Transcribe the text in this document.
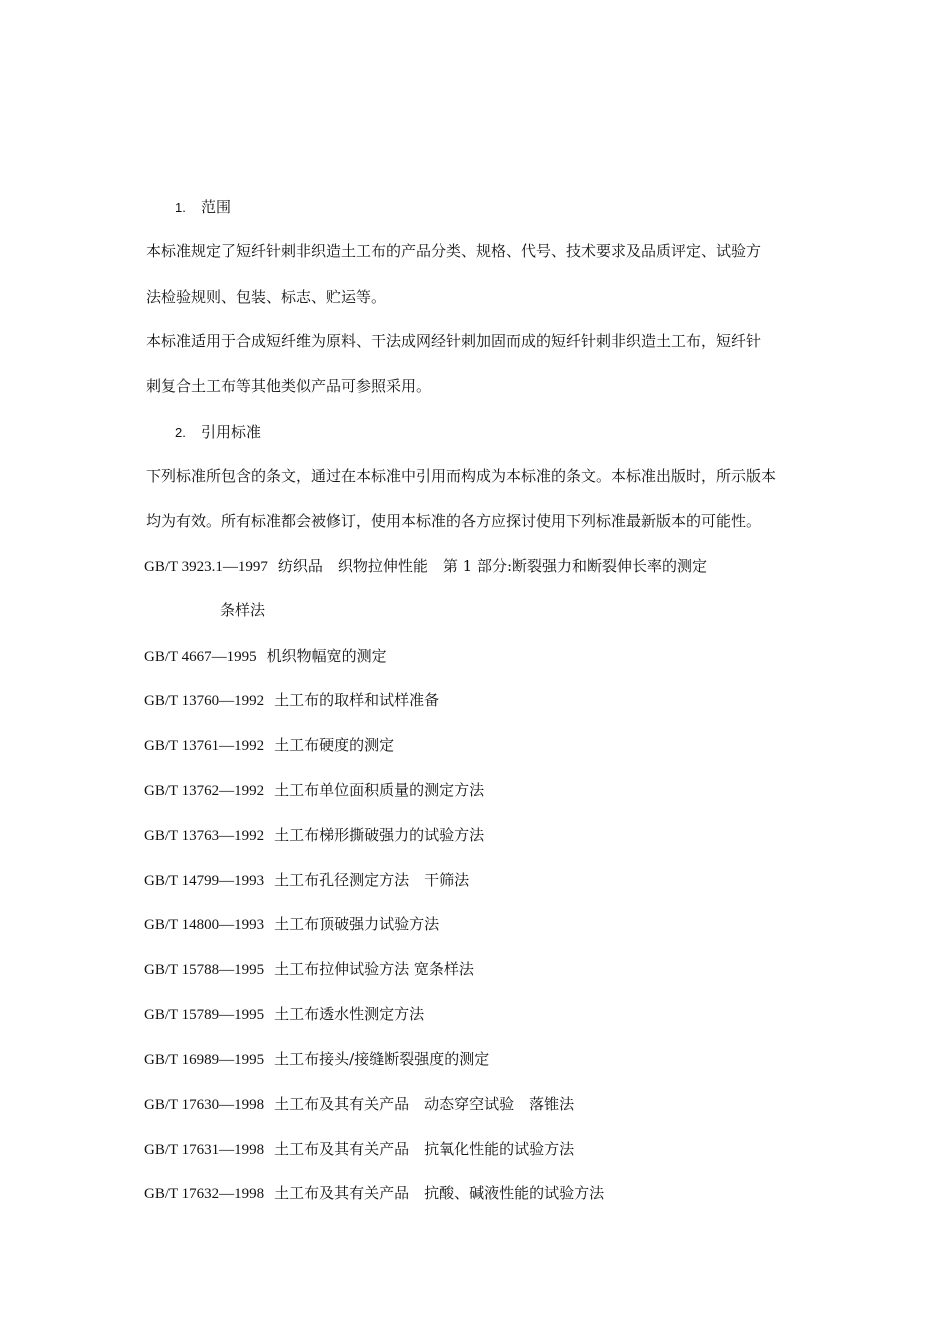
1. 范围
本标准规定了短纤针刺非织造土工布的产品分类、规格、代号、技术要求及品质评定、试验方
法检验规则、包装、标志、贮运等。
本标准适用于合成短纤维为原料、干法成网经针刺加固而成的短纤针刺非织造土工布，短纤针
刺复合土工布等其他类似产品可参照采用。
2. 引用标准
下列标准所包含的条文，通过在本标准中引用而构成为本标准的条文。本标准出版时，所示版本
均为有效。所有标准都会被修订，使用本标准的各方应探讨使用下列标准最新版本的可能性。
GB/T 3923.1—1997 纺织品　织物拉伸性能　第 1 部分:断裂强力和断裂伸长率的测定
条样法
GB/T 4667—1995 机织物幅宽的测定
GB/T 13760—1992 土工布的取样和试样准备
GB/T 13761—1992 土工布硬度的测定
GB/T 13762—1992 土工布单位面积质量的测定方法
GB/T 13763—1992 土工布梯形撕破强力的试验方法
GB/T 14799—1993 土工布孔径测定方法　干筛法
GB/T 14800—1993 土工布顶破强力试验方法
GB/T 15788—1995 土工布拉伸试验方法 宽条样法
GB/T 15789—1995 土工布透水性测定方法
GB/T 16989—1995 土工布接头/接缝断裂强度的测定
GB/T 17630—1998 土工布及其有关产品　动态穿空试验　落锥法
GB/T 17631—1998 土工布及其有关产品　抗氧化性能的试验方法
GB/T 17632—1998 土工布及其有关产品　抗酸、碱液性能的试验方法
